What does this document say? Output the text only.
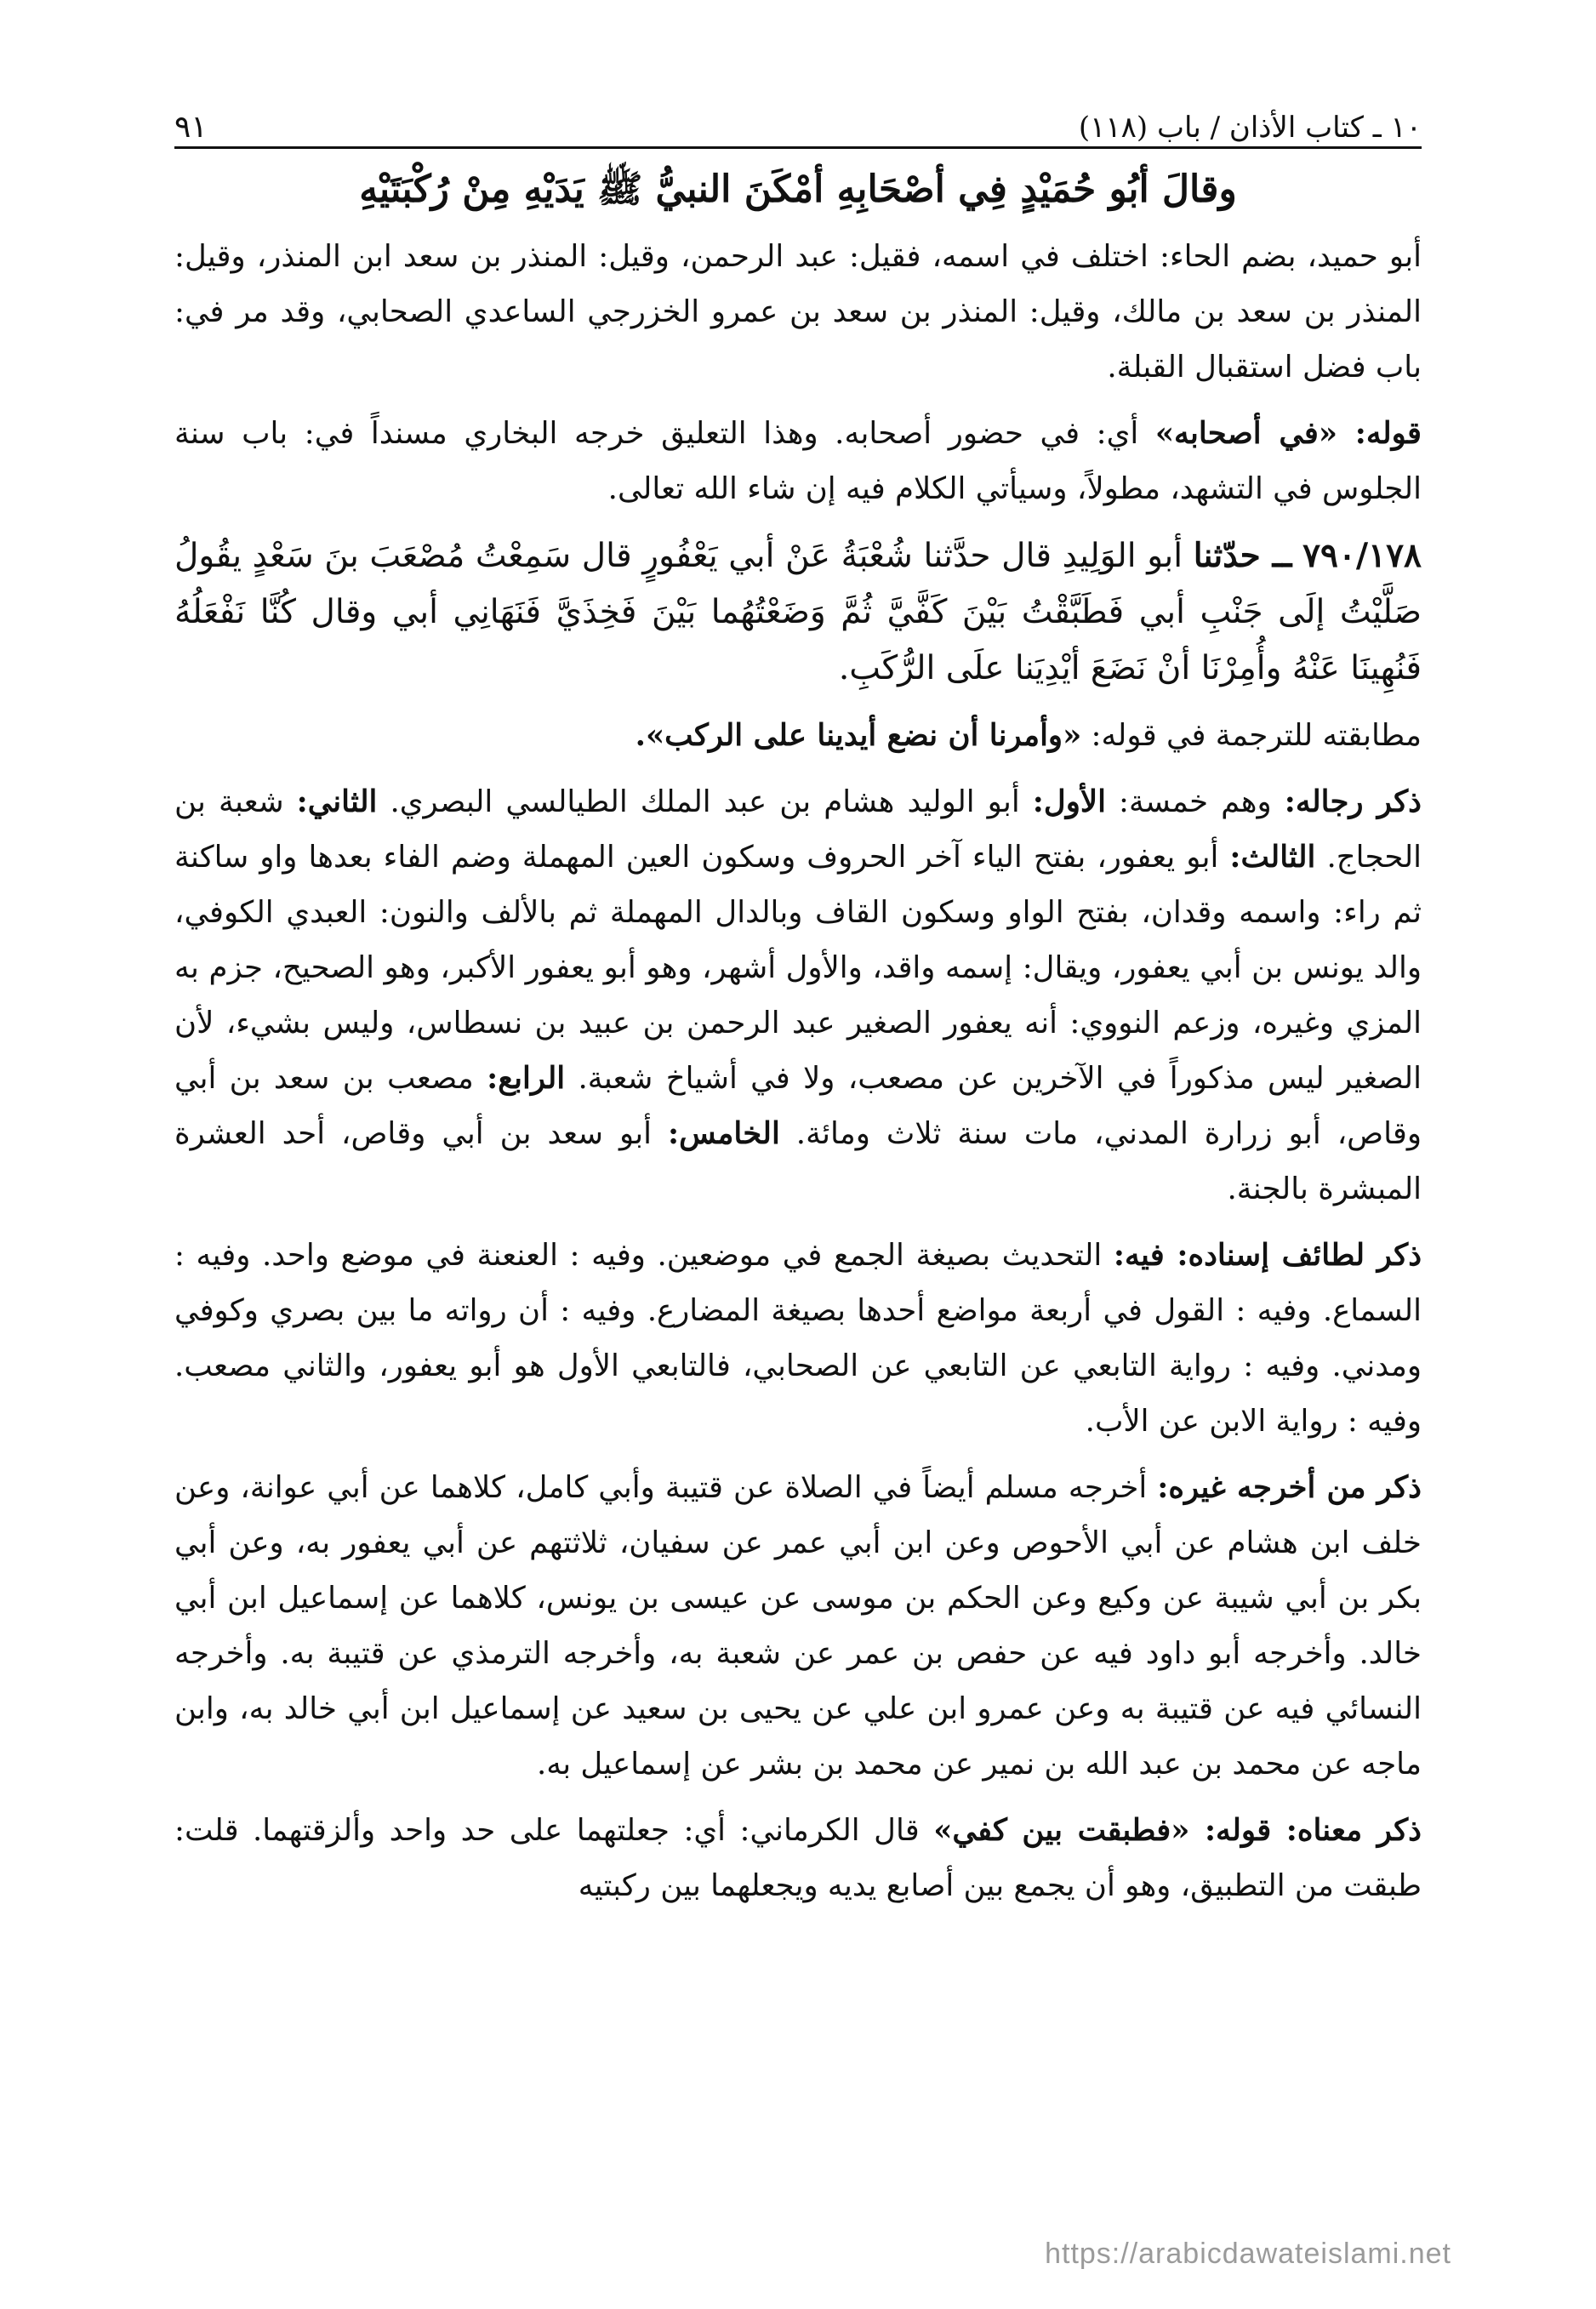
١٠ ـ كتاب الأذان / باب (١١٨)
٩١

وقالَ أبُو حُمَيْدٍ فِي أصْحَابِهِ أمْكَنَ النبيُّ ﷺ يَدَيْهِ مِنْ رُكْبَتَيْهِ

أبو حميد، بضم الحاء: اختلف في اسمه، فقيل: عبد الرحمن، وقيل: المنذر بن سعد ابن المنذر، وقيل: المنذر بن سعد بن مالك، وقيل: المنذر بن سعد بن عمرو الخزرجي الساعدي الصحابي، وقد مر في: باب فضل استقبال القبلة.

قوله: «في أصحابه» أي: في حضور أصحابه. وهذا التعليق خرجه البخاري مسنداً في: باب سنة الجلوس في التشهد، مطولاً، وسيأتي الكلام فيه إن شاء الله تعالى.

٧٩٠/١٧٨ ــ حدّثنا أبو الوَلِيدِ قال حدَّثنا شُعْبَةُ عَنْ أبي يَعْفُورٍ قال سَمِعْتُ مُصْعَبَ بنَ سَعْدٍ يقُولُ صَلَّيْتُ إلَى جَنْبِ أبي فَطَبَّقْتُ بَيْنَ كَفَّيَّ ثُمَّ وَضَعْتُهُما بَيْنَ فَخِذَيَّ فَنَهَانِي أبي وقال كُنَّا نَفْعَلُهُ فَنُهِينَا عَنْهُ وأُمِرْنَا أنْ نَضَعَ أيْدِيَنا علَى الرُّكَبِ.

مطابقته للترجمة في قوله: «وأمرنا أن نضع أيدينا على الركب».

ذكر رجاله: وهم خمسة: الأول: أبو الوليد هشام بن عبد الملك الطيالسي البصري. الثاني: شعبة بن الحجاج. الثالث: أبو يعفور، بفتح الياء آخر الحروف وسكون العين المهملة وضم الفاء بعدها واو ساكنة ثم راء: واسمه وقدان، بفتح الواو وسكون القاف وبالدال المهملة ثم بالألف والنون: العبدي الكوفي، والد يونس بن أبي يعفور، ويقال: إسمه واقد، والأول أشهر، وهو أبو يعفور الأكبر، وهو الصحيح، جزم به المزي وغيره، وزعم النووي: أنه يعفور الصغير عبد الرحمن بن عبيد بن نسطاس، وليس بشيء، لأن الصغير ليس مذكوراً في الآخرين عن مصعب، ولا في أشياخ شعبة. الرابع: مصعب بن سعد بن أبي وقاص، أبو زرارة المدني، مات سنة ثلاث ومائة. الخامس: أبو سعد بن أبي وقاص، أحد العشرة المبشرة بالجنة.

ذكر لطائف إسناده: فيه: التحديث بصيغة الجمع في موضعين. وفيه : العنعنة في موضع واحد. وفيه : السماع. وفيه : القول في أربعة مواضع أحدها بصيغة المضارع. وفيه : أن رواته ما بين بصري وكوفي ومدني. وفيه : رواية التابعي عن التابعي عن الصحابي، فالتابعي الأول هو أبو يعفور، والثاني مصعب. وفيه : رواية الابن عن الأب.

ذكر من أخرجه غيره: أخرجه مسلم أيضاً في الصلاة عن قتيبة وأبي كامل، كلاهما عن أبي عوانة، وعن خلف ابن هشام عن أبي الأحوص وعن ابن أبي عمر عن سفيان، ثلاثتهم عن أبي يعفور به، وعن أبي بكر بن أبي شيبة عن وكيع وعن الحكم بن موسى عن عيسى بن يونس، كلاهما عن إسماعيل ابن أبي خالد. وأخرجه أبو داود فيه عن حفص بن عمر عن شعبة به، وأخرجه الترمذي عن قتيبة به. وأخرجه النسائي فيه عن قتيبة به وعن عمرو ابن علي عن يحيى بن سعيد عن إسماعيل ابن أبي خالد به، وابن ماجه عن محمد بن عبد الله بن نمير عن محمد بن بشر عن إسماعيل به.

ذكر معناه: قوله: «فطبقت بين كفي» قال الكرماني: أي: جعلتهما على حد واحد وألزقتهما. قلت: طبقت من التطبيق، وهو أن يجمع بين أصابع يديه ويجعلهما بين ركبتيه

https://arabicdawateislami.net
